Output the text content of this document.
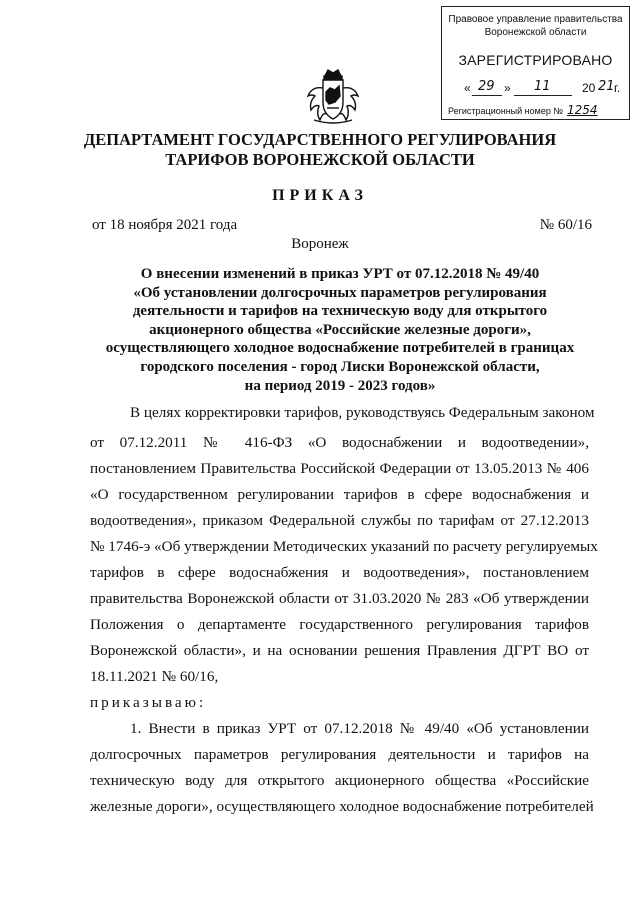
Правовое управление правительства
Воронежской области
ЗАРЕГИСТРИРОВАНО
« 29 » 11	20 21 г.
Регистрационный номер № 1254
ДЕПАРТАМЕНТ ГОСУДАРСТВЕННОГО РЕГУЛИРОВАНИЯ
ТАРИФОВ ВОРОНЕЖСКОЙ ОБЛАСТИ
ПРИКАЗ
от 18 ноября 2021 года	№ 60/16
Воронеж
О внесении изменений в приказ УРТ от 07.12.2018 № 49/40
«Об установлении долгосрочных параметров регулирования
деятельности и тарифов на техническую воду для открытого
акционерного общества «Российские железные дороги»,
осуществляющего холодное водоснабжение потребителей в границах
городского поселения - город Лиски Воронежской области,
на период 2019 - 2023 годов»
В целях корректировки тарифов, руководствуясь Федеральным законом
от 07.12.2011 № 416-ФЗ «О водоснабжении и водоотведении»,
постановлением Правительства Российской Федерации от 13.05.2013 № 406
«О государственном регулировании тарифов в сфере водоснабжения и
водоотведения», приказом Федеральной службы по тарифам от 27.12.2013
№ 1746-э «Об утверждении Методических указаний по расчету регулируемых
тарифов в сфере водоснабжения и водоотведения», постановлением
правительства Воронежской области от 31.03.2020 № 283 «Об утверждении
Положения о департаменте государственного регулирования тарифов
Воронежской области», и на основании решения Правления ДГРТ ВО от
18.11.2021 № 60/16,
приказываю:
1. Внести в приказ УРТ от 07.12.2018 № 49/40 «Об установлении
долгосрочных параметров регулирования деятельности и тарифов на
техническую воду для открытого акционерного общества «Российские
железные дороги», осуществляющего холодное водоснабжение потребителей
